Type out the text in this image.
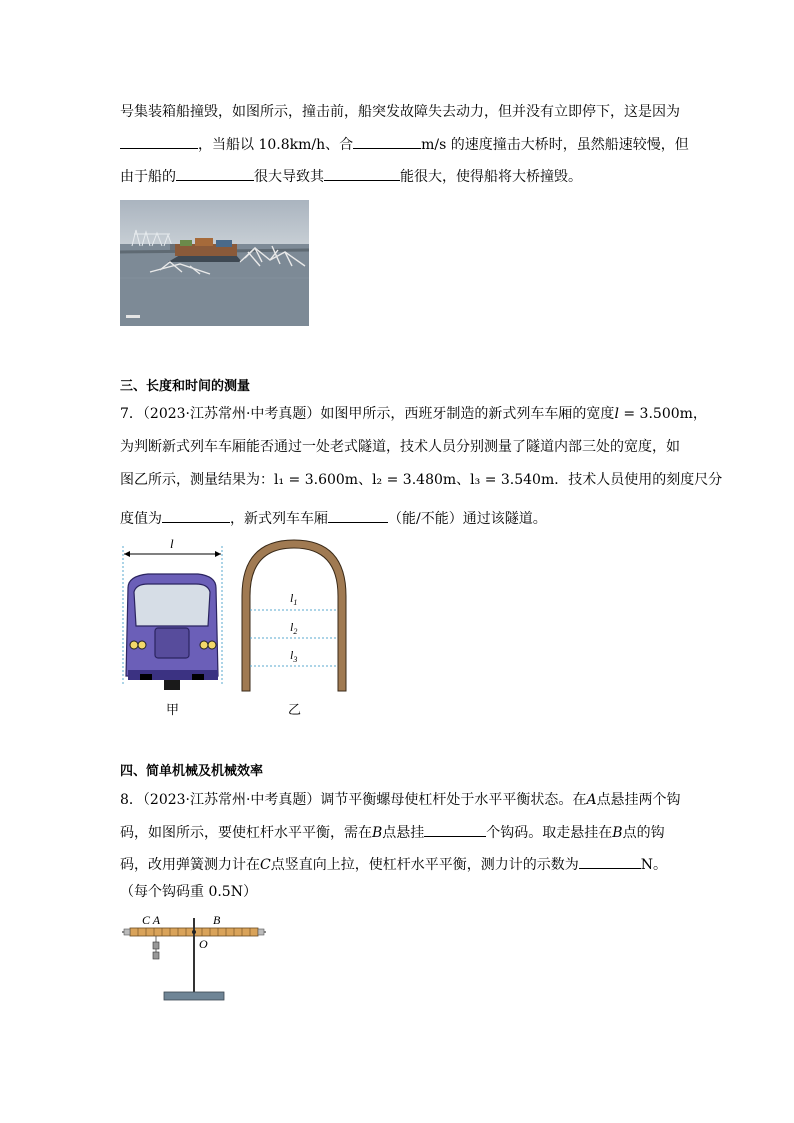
号集装箱船撞毁，如图所示，撞击前，船突发故障失去动力，但并没有立即停下，这是因为
，当船以 10.8km/h、合	m/s 的速度撞击大桥时，虽然船速较慢，但
由于船的	很大导致其	能很大，使得船将大桥撞毁。
三、长度和时间的测量
7．（2023·江苏常州·中考真题）如图甲所示，西班牙制造的新式列车车厢的宽度l = 3.500m，
为判断新式列车车厢能否通过一处老式隧道，技术人员分别测量了隧道内部三处的宽度，如
图乙所示，测量结果为：l₁ = 3.600m、l₂ = 3.480m、l₃ = 3.540m．技术人员使用的刻度尺分
度值为	，新式列车车厢	（能/不能）通过该隧道。
l
甲
$l_1$
$l_2$
$l_3$
乙
四、简单机械及机械效率
8．（2023·江苏常州·中考真题）调节平衡螺母使杠杆处于水平平衡状态。在A点悬挂两个钩
码，如图所示，要使杠杆水平平衡，需在B点悬挂	个钩码。取走悬挂在B点的钩
码，改用弹簧测力计在C点竖直向上拉，使杠杆水平平衡，测力计的示数为	N。
（每个钩码重 0.5N）
C A	B
O
